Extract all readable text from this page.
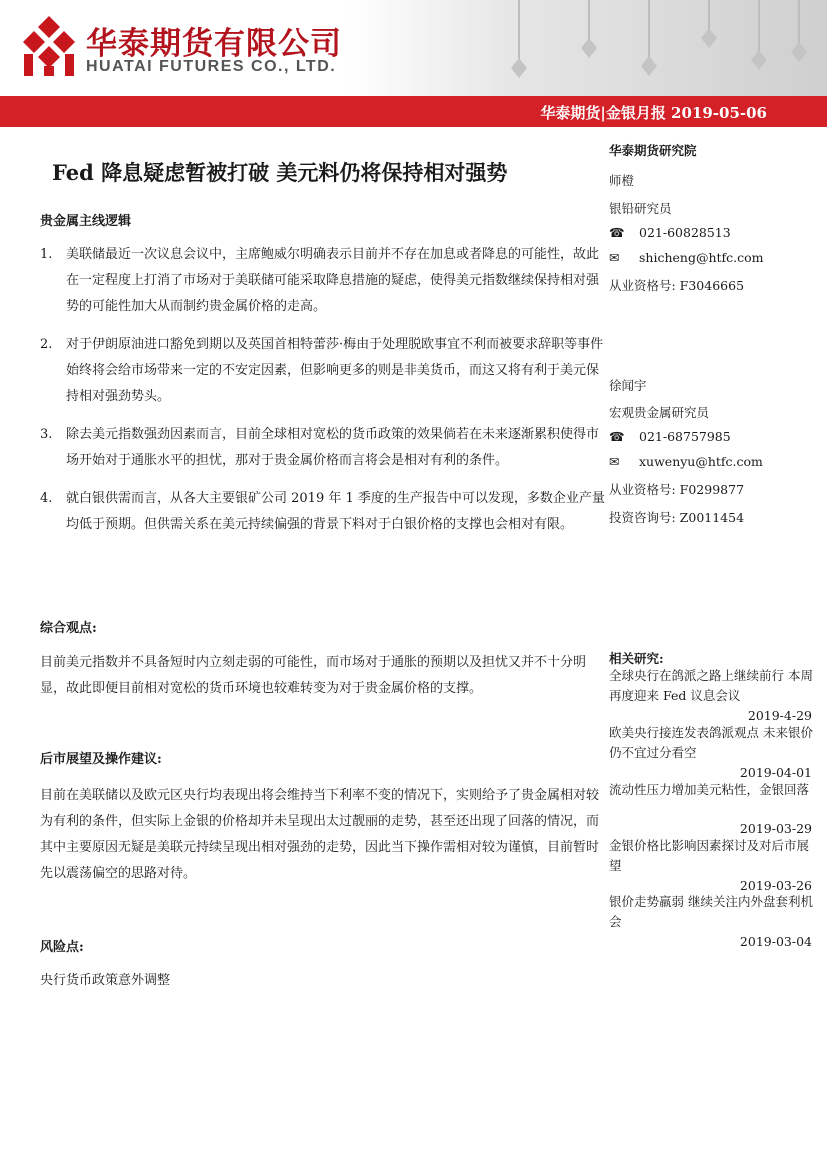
华泰期货有限公司
HUATAI FUTURES CO., LTD.
华泰期货|金银月报 2019-05-06
Fed 降息疑虑暂被打破 美元料仍将保持相对强势
贵金属主线逻辑
1. 美联储最近一次议息会议中，主席鲍威尔明确表示目前并不存在加息或者降息的可能性，故此在一定程度上打消了市场对于美联储可能采取降息措施的疑虑，使得美元指数继续保持相对强势的可能性加大从而制约贵金属价格的走高。
2. 对于伊朗原油进口豁免到期以及英国首相特蕾莎·梅由于处理脱欧事宜不利而被要求辞职等事件始终将会给市场带来一定的不安定因素，但影响更多的则是非美货币，而这又将有利于美元保持相对强劲势头。
3. 除去美元指数强劲因素而言，目前全球相对宽松的货币政策的效果倘若在未来逐渐累积使得市场开始对于通胀水平的担忧，那对于贵金属价格而言将会是相对有利的条件。
4. 就白银供需而言，从各大主要银矿公司 2019 年 1 季度的生产报告中可以发现，多数企业产量均低于预期。但供需关系在美元持续偏强的背景下料对于白银价格的支撑也会相对有限。
综合观点:
目前美元指数并不具备短时内立刻走弱的可能性，而市场对于通胀的预期以及担忧又并不十分明显，故此即便目前相对宽松的货币环境也较难转变为对于贵金属价格的支撑。
后市展望及操作建议:
目前在美联储以及欧元区央行均表现出将会维持当下利率不变的情况下，实则给予了贵金属相对较为有利的条件，但实际上金银的价格却并未呈现出太过靓丽的走势，甚至还出现了回落的情况，而其中主要原因无疑是美联元持续呈现出相对强劲的走势，因此当下操作需相对较为谨慎，目前暂时先以震荡偏空的思路对待。
风险点:
央行货币政策意外调整
华泰期货研究院
师橙
银铅研究员
☎ 021-60828513
✉ shicheng@htfc.com
从业资格号: F3046665
徐闻宇
宏观贵金属研究员
☎ 021-68757985
✉ xuwenyu@htfc.com
从业资格号: F0299877
投资咨询号: Z0011454
相关研究:
全球央行在鸽派之路上继续前行 本周再度迎来 Fed 议息会议
2019-4-29
欧美央行接连发表鸽派观点 未来银价仍不宜过分看空
2019-04-01
流动性压力增加美元粘性，金银回落
2019-03-29
金银价格比影响因素探讨及对后市展望
2019-03-26
银价走势羸弱 继续关注内外盘套利机会
2019-03-04
